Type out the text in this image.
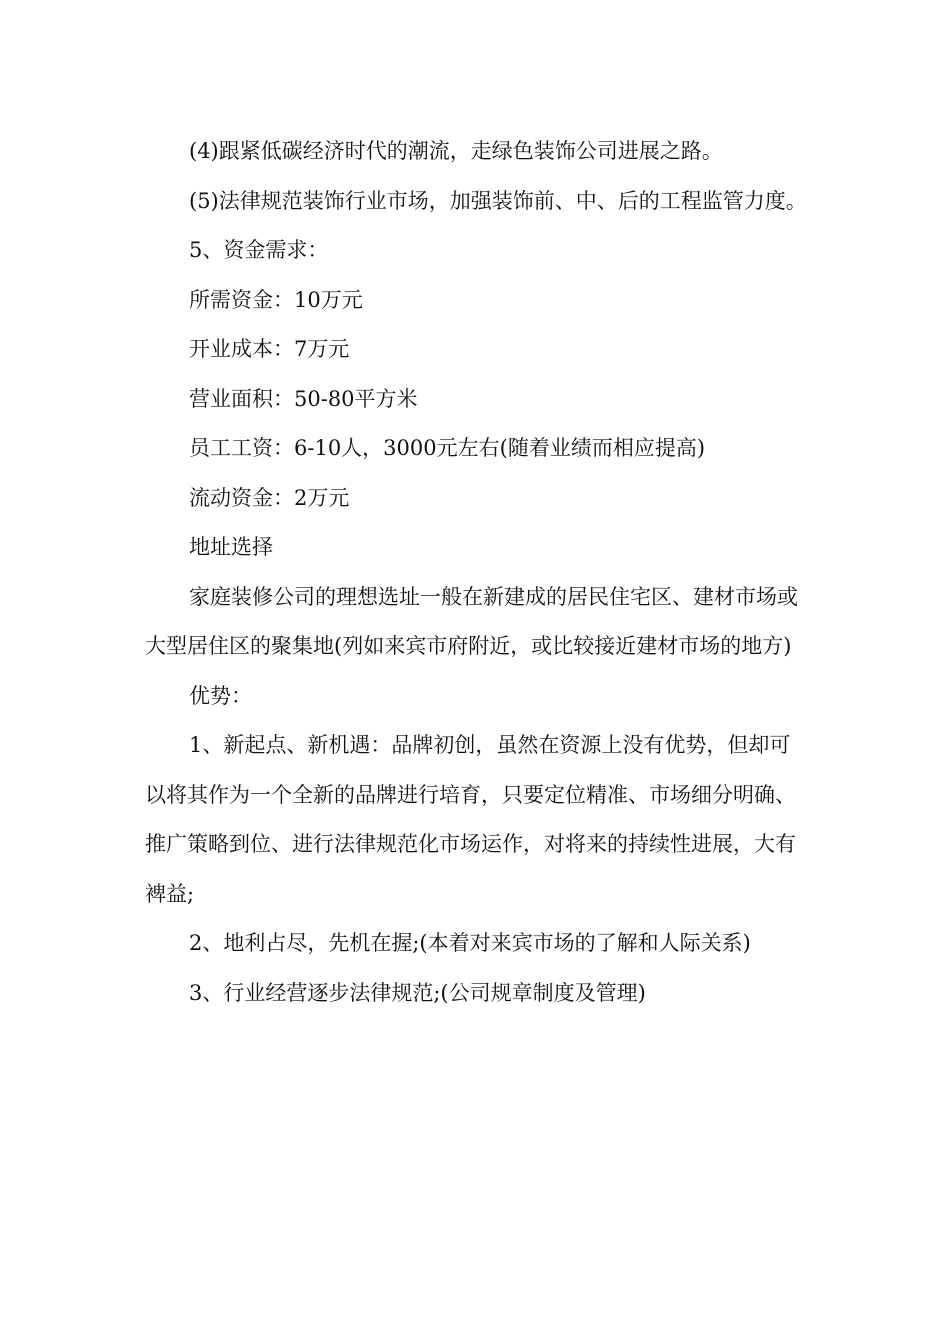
(4)跟紧低碳经济时代的潮流，走绿色装饰公司进展之路。

(5)法律规范装饰行业市场，加强装饰前、中、后的工程监管力度。

5、资金需求：

所需资金：10万元

开业成本：7万元

营业面积：50-80平方米

员工工资：6-10人，3000元左右(随着业绩而相应提高)

流动资金：2万元

地址选择

家庭装修公司的理想选址一般在新建成的居民住宅区、建材市场或大型居住区的聚集地(列如来宾市府附近，或比较接近建材市场的地方)

优势：

1、新起点、新机遇：品牌初创，虽然在资源上没有优势，但却可以将其作为一个全新的品牌进行培育，只要定位精准、市场细分明确、推广策略到位、进行法律规范化市场运作，对将来的持续性进展，大有裨益;

2、地利占尽，先机在握;(本着对来宾市场的了解和人际关系)

3、行业经营逐步法律规范;(公司规章制度及管理)
